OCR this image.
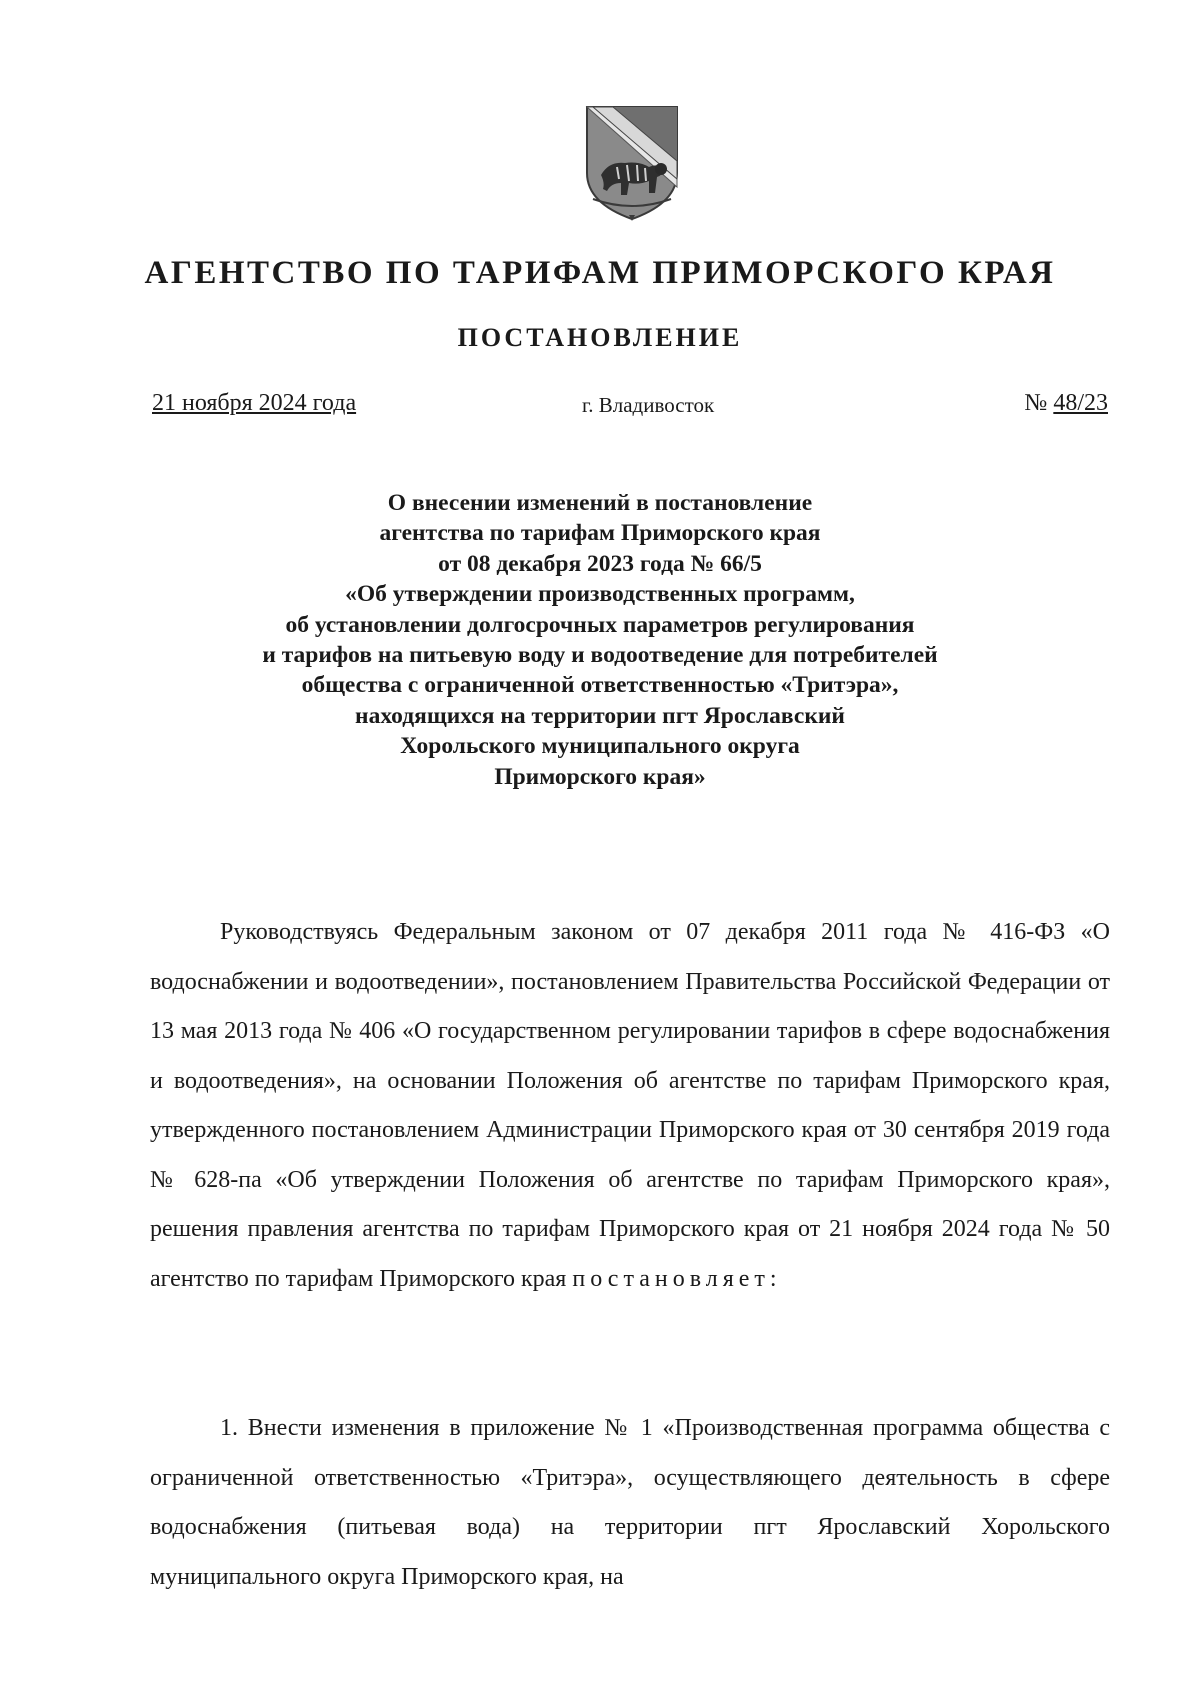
АГЕНТСТВО ПО ТАРИФАМ ПРИМОРСКОГО КРАЯ
ПОСТАНОВЛЕНИЕ
21 ноября 2024 года	г. Владивосток	№ 48/23
О внесении изменений в постановление
агентства по тарифам Приморского края
от 08 декабря 2023 года № 66/5
«Об утверждении производственных программ,
об установлении долгосрочных параметров регулирования
и тарифов на питьевую воду и водоотведение для потребителей
общества с ограниченной ответственностью «Тритэра»,
находящихся на территории пгт Ярославский
Хорольского муниципального округа
Приморского края»

Руководствуясь Федеральным законом от 07 декабря 2011 года № 416-ФЗ «О водоснабжении и водоотведении», постановлением Правительства Российской Федерации от 13 мая 2013 года № 406 «О государственном регулировании тарифов в сфере водоснабжения и водоотведения», на основании Положения об агентстве по тарифам Приморского края, утвержденного постановлением Администрации Приморского края от 30 сентября 2019 года № 628-па «Об утверждении Положения об агентстве по тарифам Приморского края», решения правления агентства по тарифам Приморского края от 21 ноября 2024 года № 50 агентство по тарифам Приморского края постановляет:

1. Внести изменения в приложение № 1 «Производственная программа общества с ограниченной ответственностью «Тритэра», осуществляющего деятельность в сфере водоснабжения (питьевая вода) на территории пгт Ярославский Хорольского муниципального округа Приморского края, на
